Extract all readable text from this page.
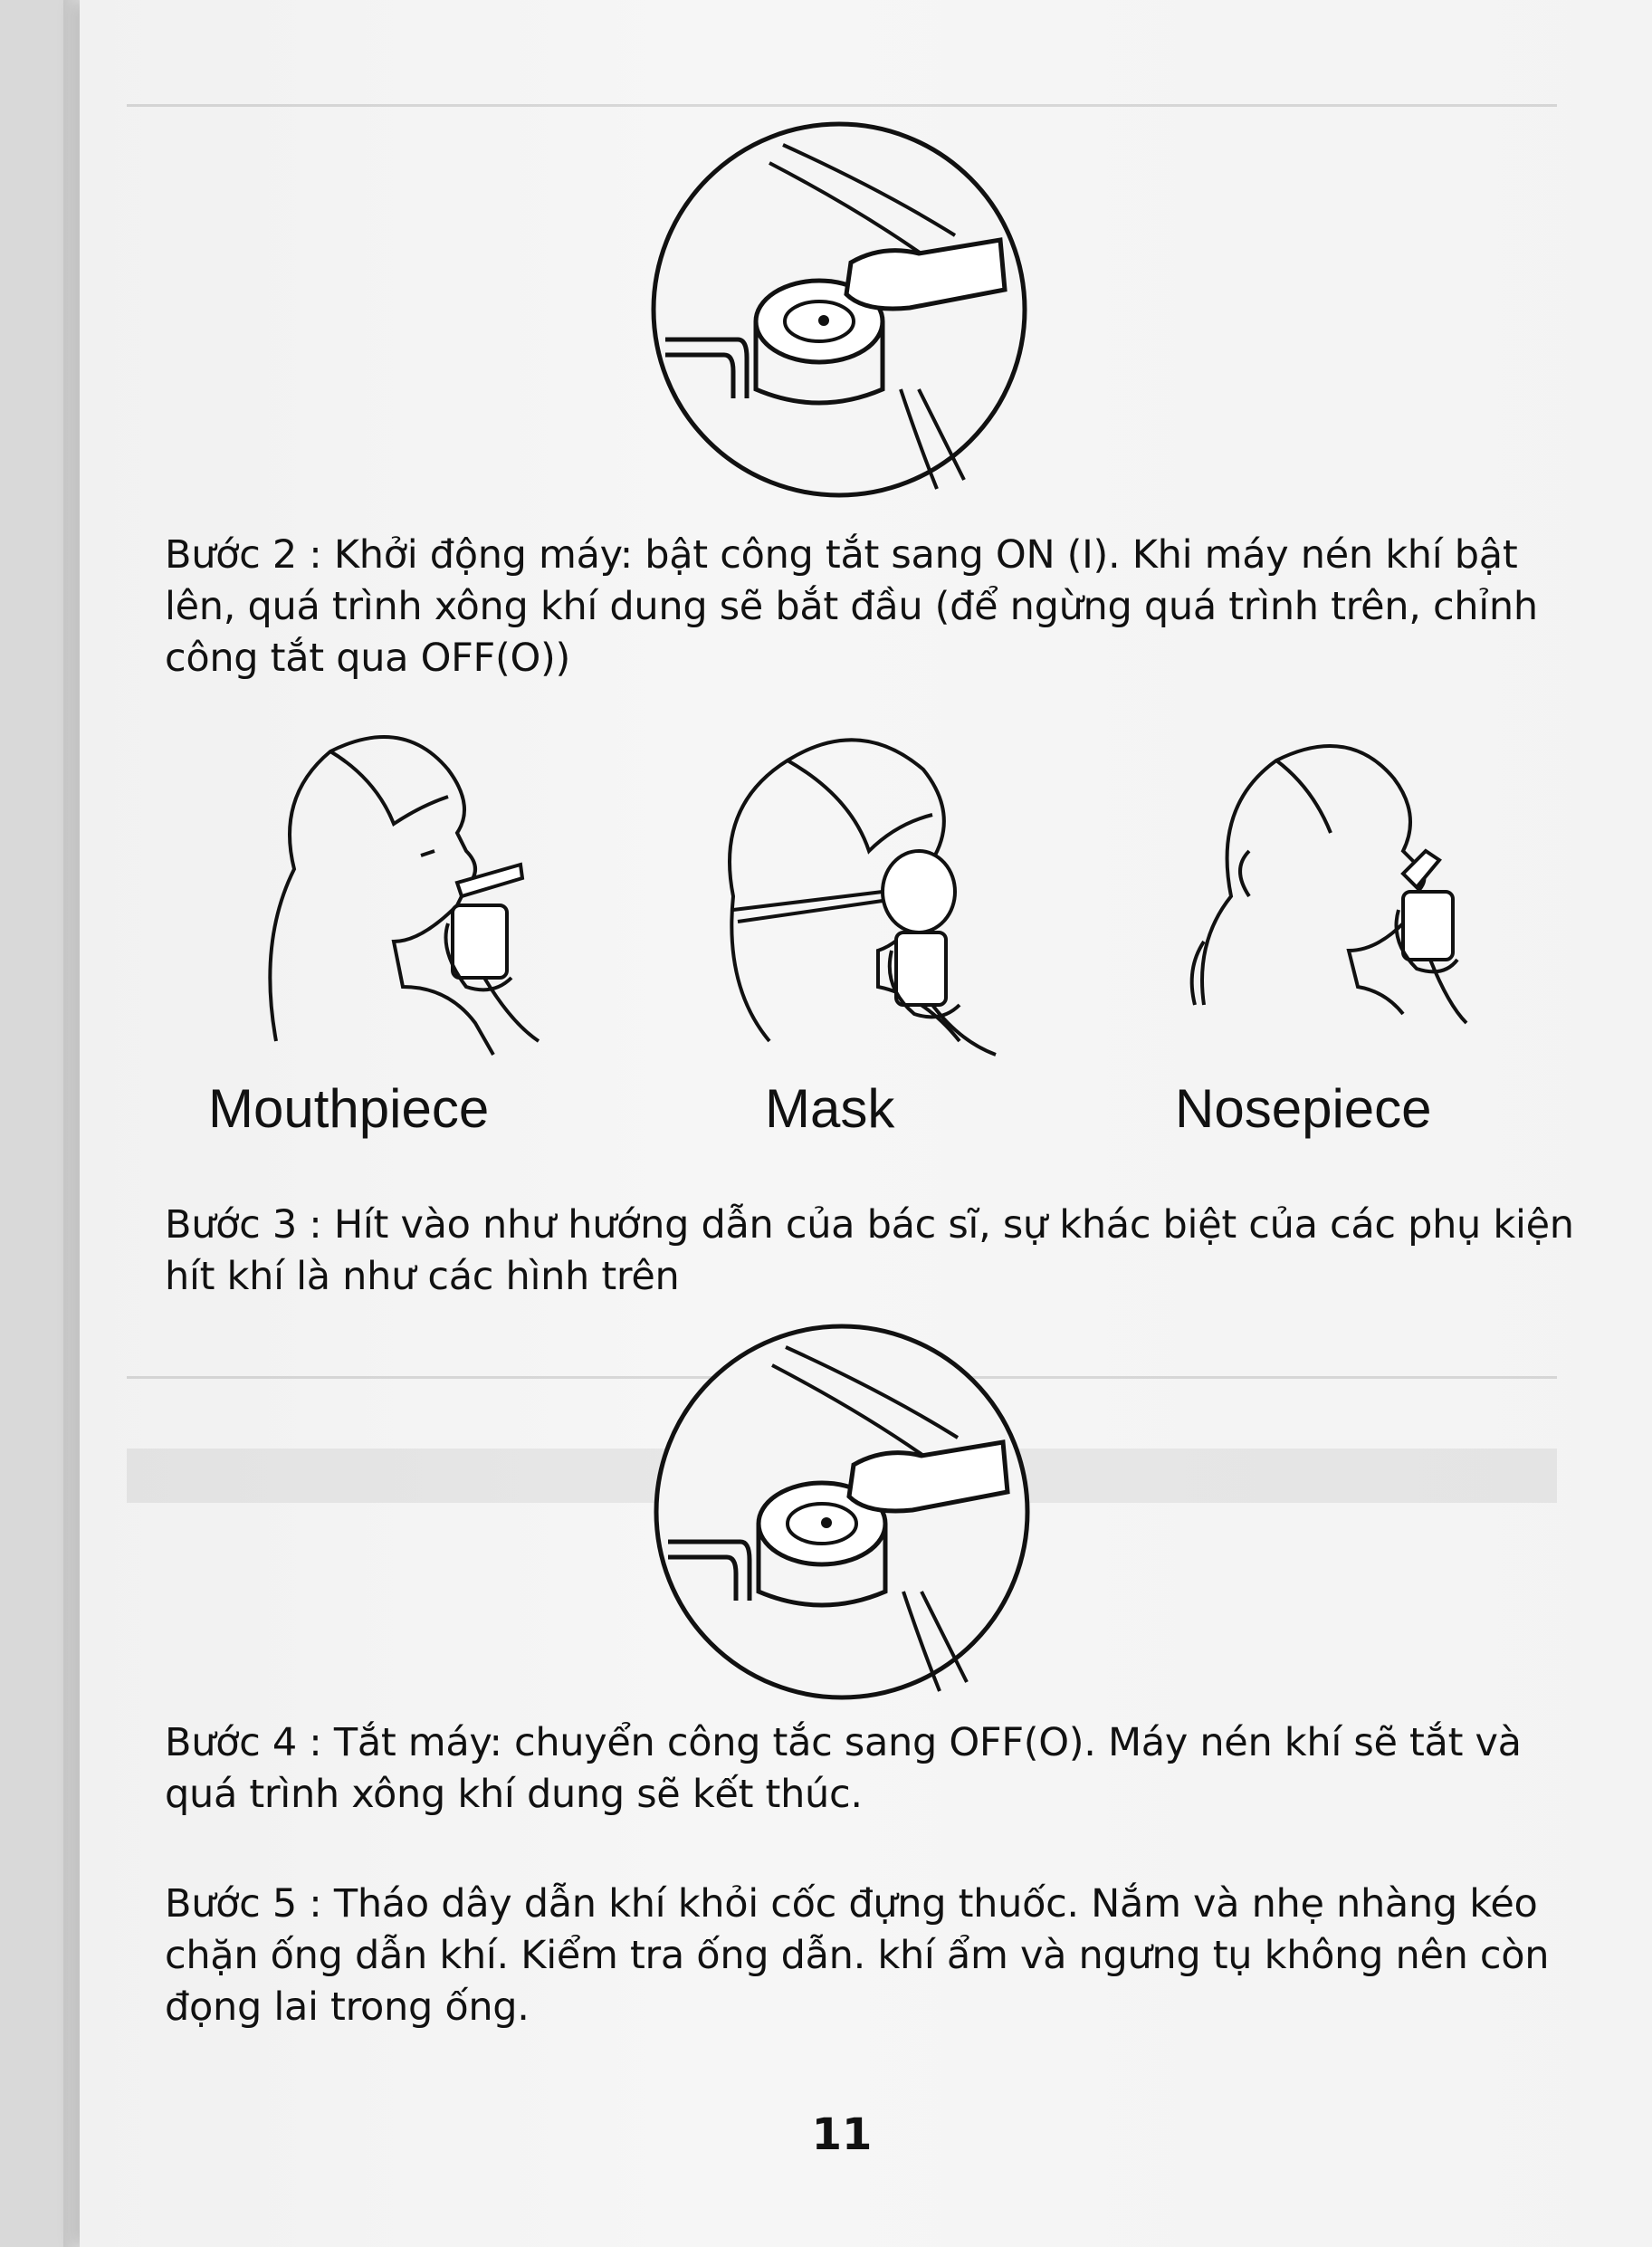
Bước 2 : Khởi động máy: bật công tắt sang ON (I). Khi máy nén khí bật lên, quá trình xông khí dung sẽ bắt đầu (để ngừng quá trình trên, chỉnh công tắt qua OFF(O))

Mouthpiece	Mask	Nosepiece

Bước 3 : Hít vào như hướng dẫn của bác sĩ, sự khác biệt của các phụ kiện hít khí là như các hình trên

Bước 4 : Tắt máy: chuyển công tắc sang OFF(O). Máy nén khí sẽ tắt và quá trình xông khí dung sẽ kết thúc.

Bước 5 : Tháo dây dẫn khí khỏi cốc đựng thuốc. Nắm và nhẹ nhàng kéo chặn ống dẫn khí. Kiểm tra ống dẫn. khí ẩm và ngưng tụ không nên còn đọng lai trong ống.

11
